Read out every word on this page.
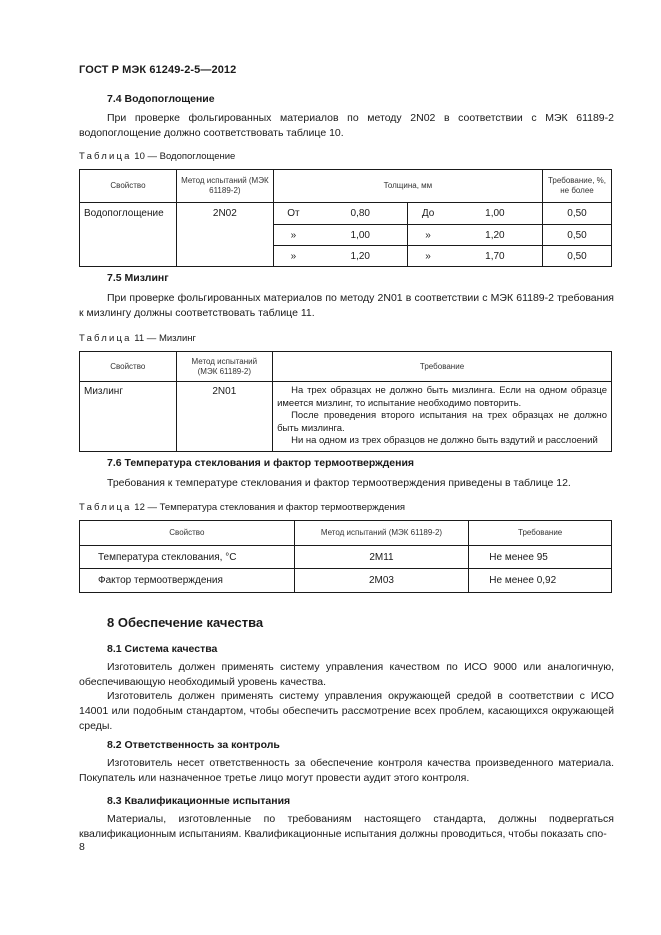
ГОСТ Р МЭК 61249-2-5—2012
7.4 Водопоглощение
При проверке фольгированных материалов по методу 2N02 в соответствии с МЭК 61189-2 водопоглощение должно соответствовать таблице 10.
Таблица 10 — Водопоглощение
Свойство	Метод испытаний (МЭК 61189-2)	Толщина, мм				Требование, %, не более
Водопоглощение	2N02	От	0,80	До	1,00	0,50
		»	1,00	»	1,20	0,50
		»	1,20	»	1,70	0,50
7.5 Мизлинг
При проверке фольгированных материалов по методу 2N01 в соответствии с МЭК 61189-2 требования к мизлингу должны соответствовать таблице 11.
Таблица 11 — Мизлинг
Свойство	Метод испытаний (МЭК 61189-2)	Требование
Мизлинг	2N01	На трех образцах не должно быть мизлинга. Если на одном образце имеется мизлинг, то испытание необходимо повторить.
После проведения второго испытания на трех образцах не должно быть мизлинга.
Ни на одном из трех образцов не должно быть вздутий и расслоений
7.6 Температура стеклования и фактор термоотверждения
Требования к температуре стеклования и фактор термоотверждения приведены в таблице 12.
Таблица 12 — Температура стеклования и фактор термоотверждения
Свойство	Метод испытаний (МЭК 61189-2)	Требование
Температура стеклования, °С	2M11	Не менее 95
Фактор термоотверждения	2M03	Не менее 0,92
8 Обеспечение качества
8.1 Система качества
Изготовитель должен применять систему управления качеством по ИСО 9000 или аналогичную, обеспечивающую необходимый уровень качества.
Изготовитель должен применять систему управления окружающей средой в соответствии с ИСО 14001 или подобным стандартом, чтобы обеспечить рассмотрение всех проблем, касающихся окружающей среды.
8.2 Ответственность за контроль
Изготовитель несет ответственность за обеспечение контроля качества произведенного материала. Покупатель или назначенное третье лицо могут провести аудит этого контроля.
8.3 Квалификационные испытания
Материалы, изготовленные по требованиям настоящего стандарта, должны подвергаться квалификационным испытаниям. Квалификационные испытания должны проводиться, чтобы показать спо-
8
